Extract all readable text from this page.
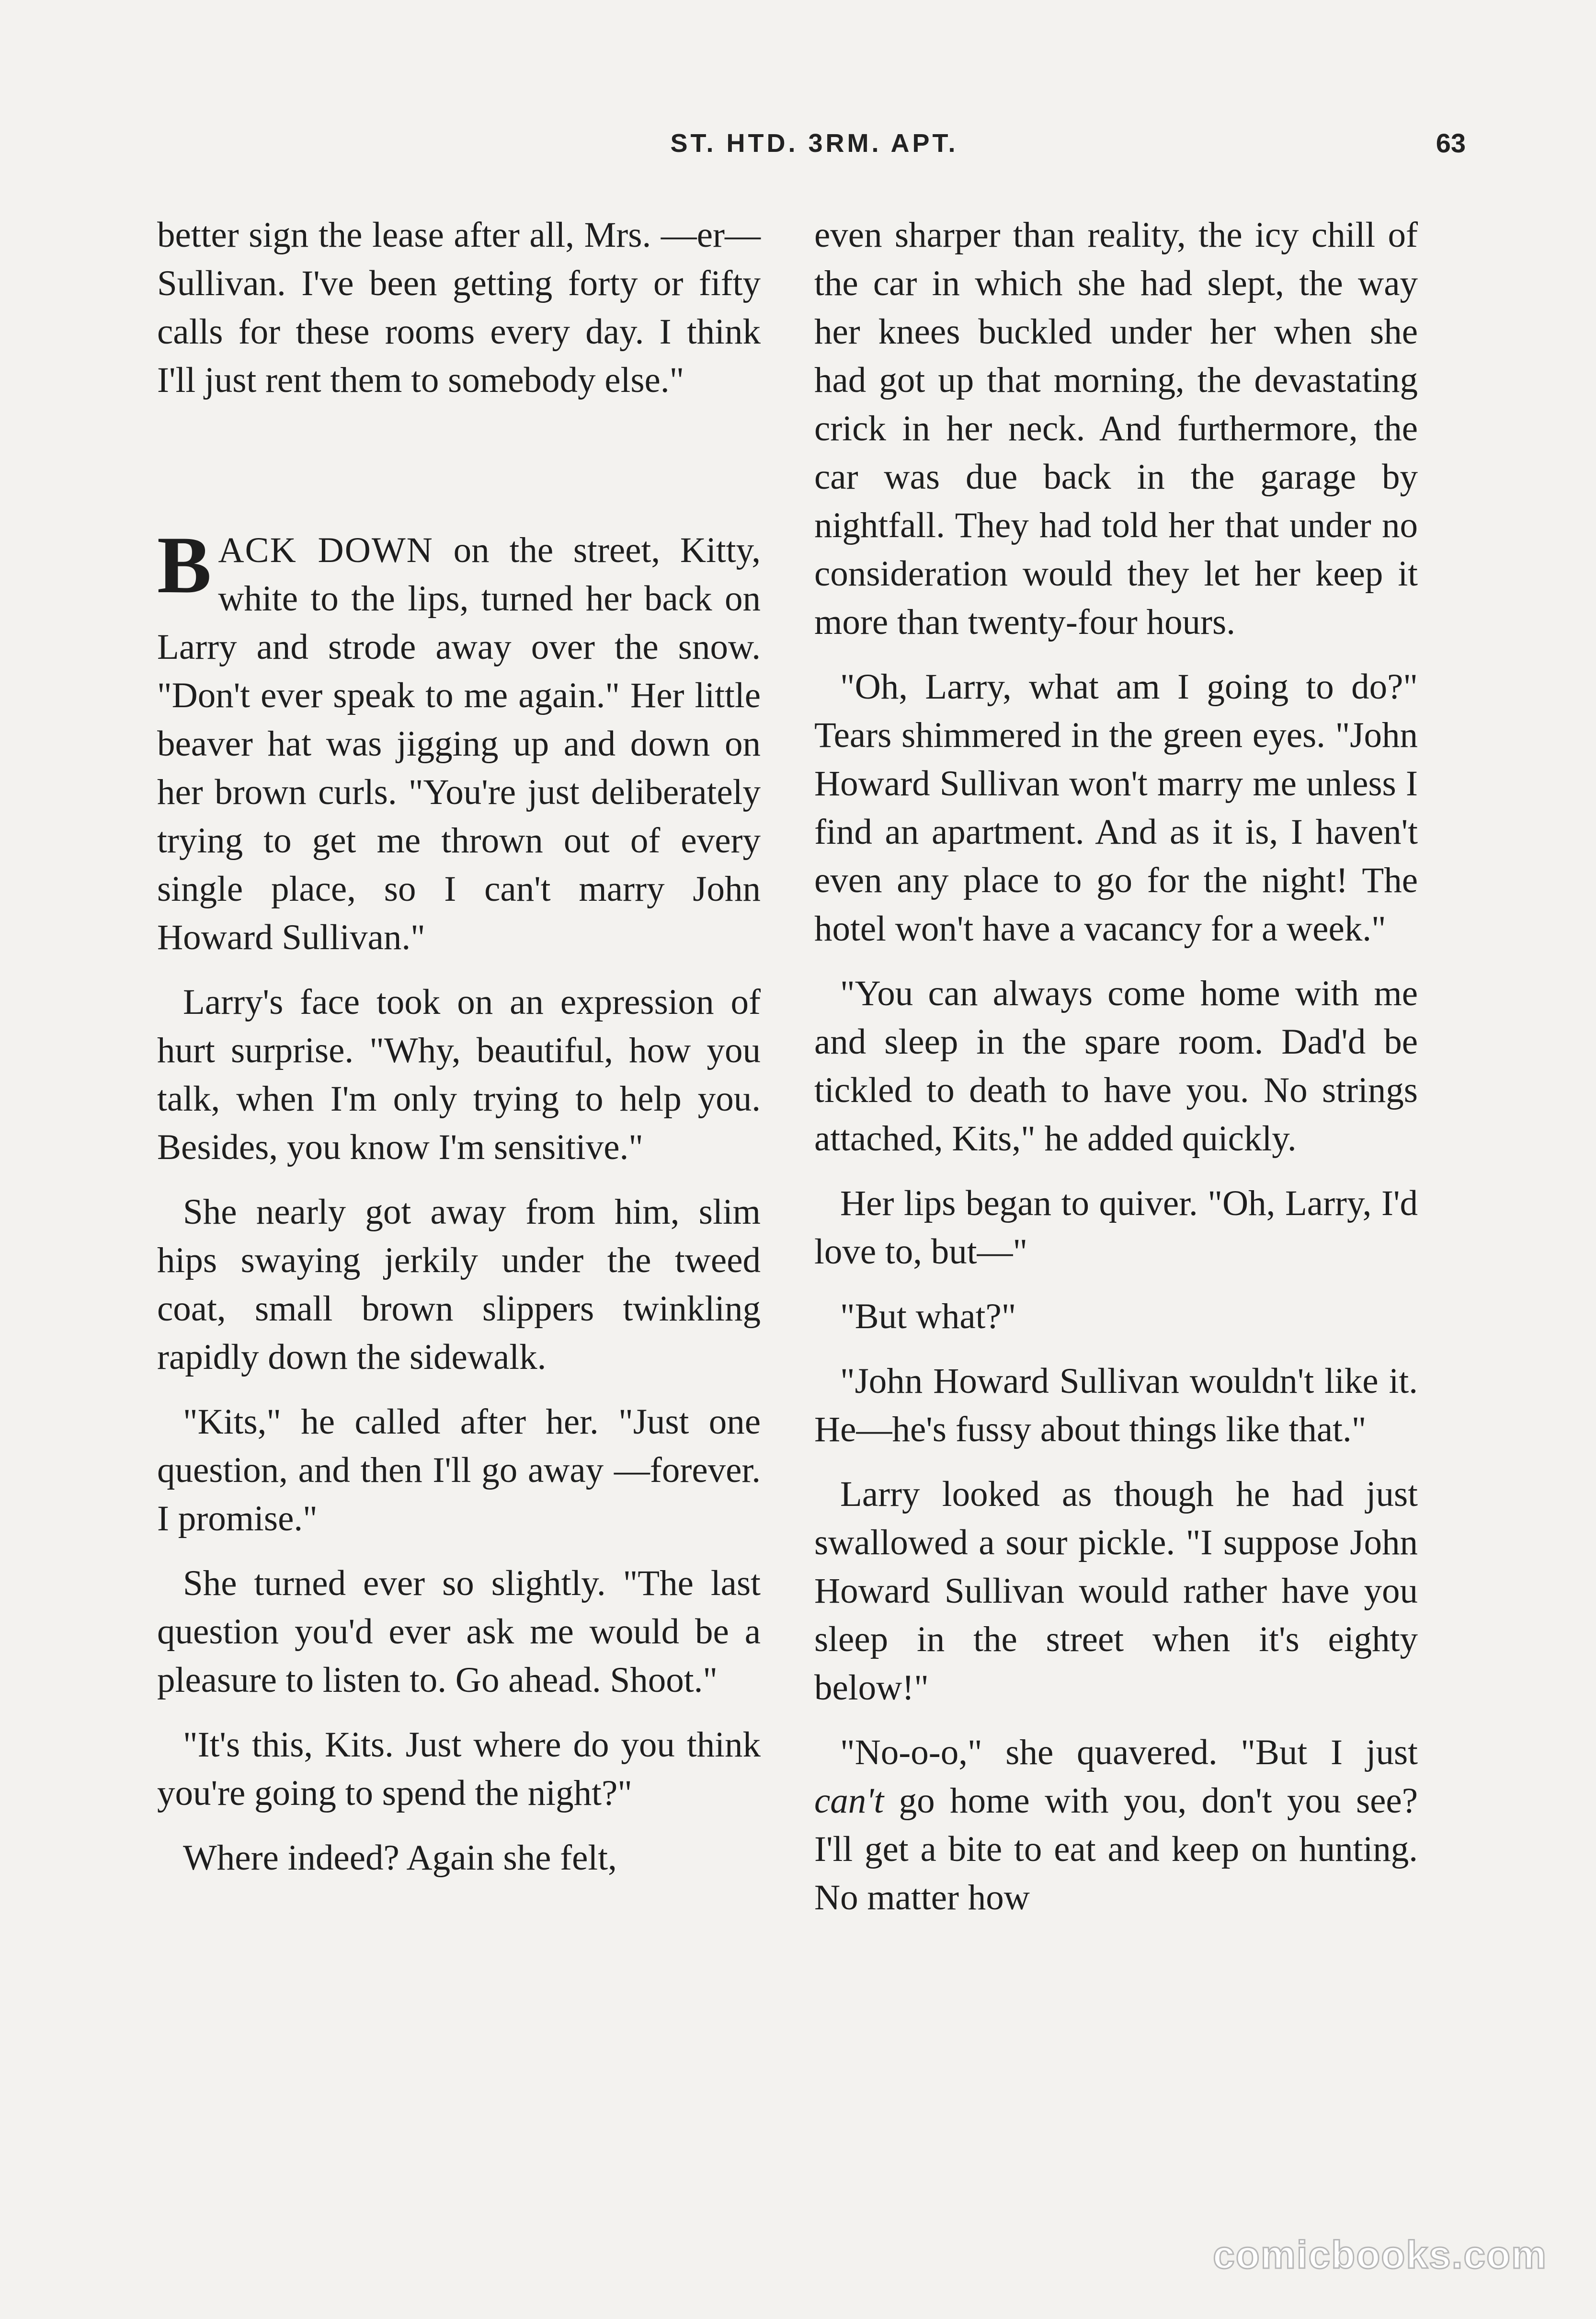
ST. HTD. 3RM. APT.	63

better sign the lease after all, Mrs. —er—Sullivan. I've been getting forty or fifty calls for these rooms every day. I think I'll just rent them to somebody else."

BACK DOWN on the street, Kitty, white to the lips, turned her back on Larry and strode away over the snow. "Don't ever speak to me again." Her little beaver hat was jigging up and down on her brown curls. "You're just deliberately trying to get me thrown out of every single place, so I can't marry John Howard Sullivan."

Larry's face took on an expression of hurt surprise. "Why, beautiful, how you talk, when I'm only trying to help you. Besides, you know I'm sensitive."

She nearly got away from him, slim hips swaying jerkily under the tweed coat, small brown slippers twinkling rapidly down the sidewalk.

"Kits," he called after her. "Just one question, and then I'll go away —forever. I promise."

She turned ever so slightly. "The last question you'd ever ask me would be a pleasure to listen to. Go ahead. Shoot."

"It's this, Kits. Just where do you think you're going to spend the night?"

Where indeed? Again she felt,

even sharper than reality, the icy chill of the car in which she had slept, the way her knees buckled under her when she had got up that morning, the devastating crick in her neck. And furthermore, the car was due back in the garage by nightfall. They had told her that under no consideration would they let her keep it more than twenty-four hours.

"Oh, Larry, what am I going to do?" Tears shimmered in the green eyes. "John Howard Sullivan won't marry me unless I find an apartment. And as it is, I haven't even any place to go for the night! The hotel won't have a vacancy for a week."

"You can always come home with me and sleep in the spare room. Dad'd be tickled to death to have you. No strings attached, Kits," he added quickly.

Her lips began to quiver. "Oh, Larry, I'd love to, but—"

"But what?"

"John Howard Sullivan wouldn't like it. He—he's fussy about things like that."

Larry looked as though he had just swallowed a sour pickle. "I suppose John Howard Sullivan would rather have you sleep in the street when it's eighty below!"

"No-o-o," she quavered. "But I just can't go home with you, don't you see? I'll get a bite to eat and keep on hunting. No matter how

comicbooks.com
